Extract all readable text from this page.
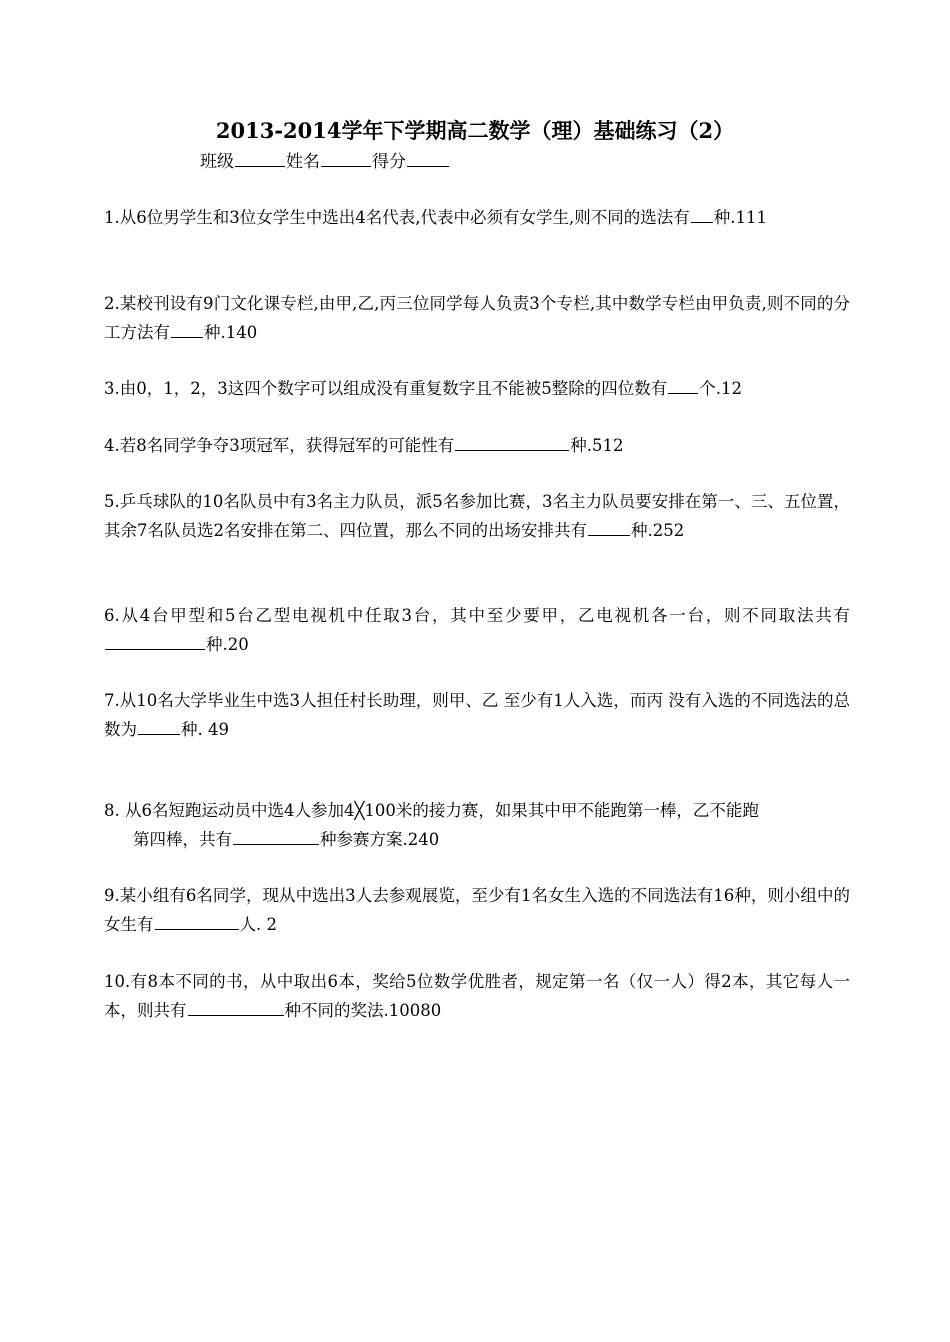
2013-2014学年下学期高二数学（理）基础练习（2）
班级	姓名	得分
1.从6位男学生和3位女学生中选出4名代表,代表中必须有女学生,则不同的选法有 种.111
2.某校刊设有9门文化课专栏,由甲,乙,丙三位同学每人负责3个专栏,其中数学专栏由甲负责,则不同的分工方法有 种.140
3.由0，1，2，3这四个数字可以组成没有重复数字且不能被5整除的四位数有 个.12
4.若8名同学争夺3项冠军，获得冠军的可能性有	种.512
5.乒乓球队的10名队员中有3名主力队员，派5名参加比赛，3名主力队员要安排在第一、三、五位置，其余7名队员选2名安排在第二、四位置，那么不同的出场安排共有	种.252
6.从4台甲型和5台乙型电视机中任取3台，其中至少要甲，乙电视机各一台，则不同取法共有种.20
7.从10名大学毕业生中选3人担任村长助理，则甲、乙 至少有1人入选，而丙 没有入选的不同选法的总数为	种. 49
8. 从6名短跑运动员中选4人参加4╳100米的接力赛，如果其中甲不能跑第一棒，乙不能跑
第四棒，共有	种参赛方案.240
9.某小组有6名同学，现从中选出3人去参观展览，至少有1名女生入选的不同选法有16种，则小组中的女生有	人. 2
10.有8本不同的书，从中取出6本，奖给5位数学优胜者，规定第一名（仅一人）得2本，其它每人一本，则共有	种不同的奖法.10080
